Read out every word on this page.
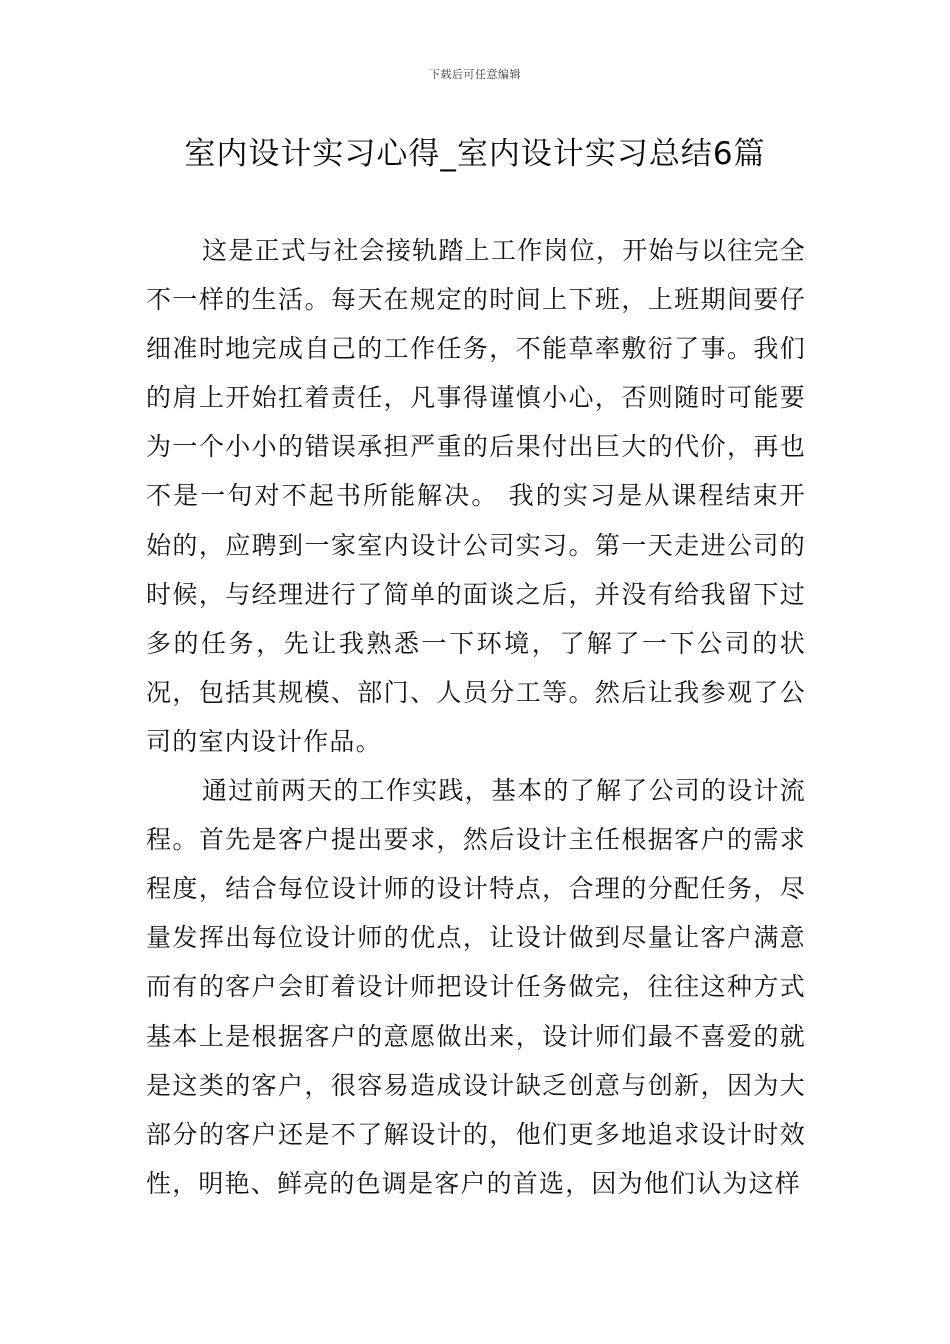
下载后可任意编辑
室内设计实习心得_室内设计实习总结6篇

这是正式与社会接轨踏上工作岗位，开始与以往完全不一样的生活。每天在规定的时间上下班，上班期间要仔细准时地完成自己的工作任务，不能草率敷衍了事。我们的肩上开始扛着责任，凡事得谨慎小心，否则随时可能要为一个小小的错误承担严重的后果付出巨大的代价，再也不是一句对不起书所能解决。 我的实习是从课程结束开始的，应聘到一家室内设计公司实习。第一天走进公司的时候，与经理进行了简单的面谈之后，并没有给我留下过多的任务，先让我熟悉一下环境，了解了一下公司的状况，包括其规模、部门、人员分工等。然后让我参观了公司的室内设计作品。

通过前两天的工作实践，基本的了解了公司的设计流程。首先是客户提出要求，然后设计主任根据客户的需求程度，结合每位设计师的设计特点，合理的分配任务，尽量发挥出每位设计师的优点，让设计做到尽量让客户满意而有的客户会盯着设计师把设计任务做完，往往这种方式基本上是根据客户的意愿做出来，设计师们最不喜爱的就是这类的客户，很容易造成设计缺乏创意与创新，因为大部分的客户还是不了解设计的，他们更多地追求设计时效性，明艳、鲜亮的色调是客户的首选，因为他们认为这样
